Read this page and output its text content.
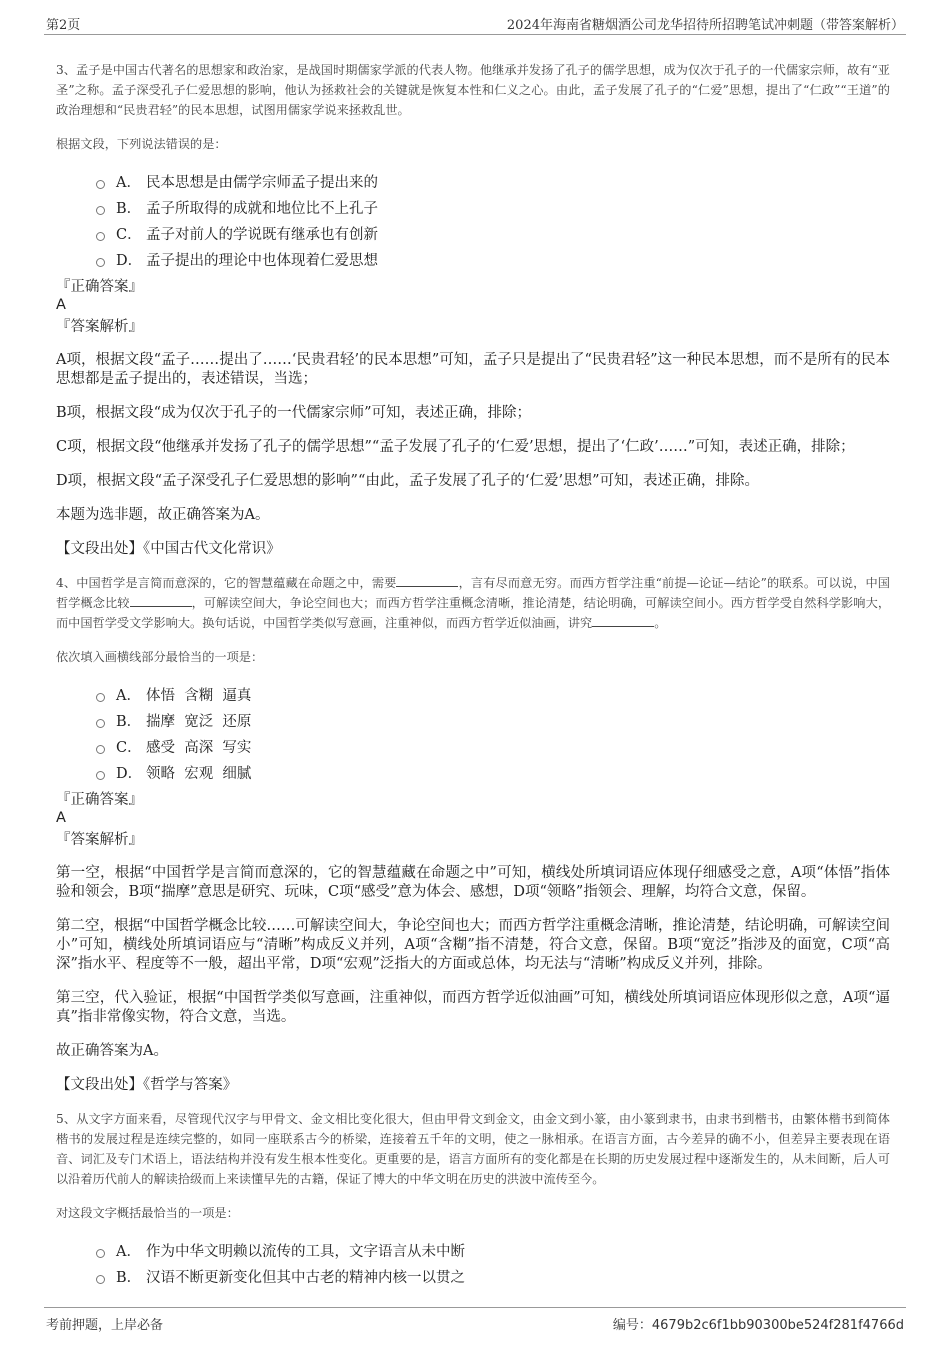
第2页	2024年海南省糖烟酒公司龙华招待所招聘笔试冲刺题（带答案解析）

3、孟子是中国古代著名的思想家和政治家，是战国时期儒家学派的代表人物。他继承并发扬了孔子的儒学思想，成为仅次于孔子的一代儒家宗师，故有“亚圣”之称。孟子深受孔子仁爱思想的影响，他认为拯救社会的关键就是恢复本性和仁义之心。由此，孟子发展了孔子的“仁爱”思想，提出了“仁政”“王道”的政治理想和“民贵君轻”的民本思想，试图用儒家学说来拯救乱世。

根据文段，下列说法错误的是：

A． 民本思想是由儒学宗师孟子提出来的
B． 孟子所取得的成就和地位比不上孔子
C． 孟子对前人的学说既有继承也有创新
D． 孟子提出的理论中也体现着仁爱思想
『正确答案』
A
『答案解析』

A项，根据文段“孟子……提出了……‘民贵君轻’的民本思想”可知，孟子只是提出了“民贵君轻”这一种民本思想，而不是所有的民本思想都是孟子提出的，表述错误，当选；

B项，根据文段“成为仅次于孔子的一代儒家宗师”可知，表述正确，排除；

C项，根据文段“他继承并发扬了孔子的儒学思想”“孟子发展了孔子的‘仁爱’思想，提出了‘仁政’……”可知，表述正确，排除；

D项，根据文段“孟子深受孔子仁爱思想的影响”“由此，孟子发展了孔子的‘仁爱’思想”可知，表述正确，排除。

本题为选非题，故正确答案为A。

【文段出处】《中国古代文化常识》

4、中国哲学是言简而意深的，它的智慧蕴藏在命题之中，需要	，言有尽而意无穷。而西方哲学注重“前提—论证—结论”的联系。可以说，中国哲学概念比较	，可解读空间大，争论空间也大；而西方哲学注重概念清晰，推论清楚，结论明确，可解读空间小。西方哲学受自然科学影响大，而中国哲学受文学影响大。换句话说，中国哲学类似写意画，注重神似，而西方哲学近似油画，讲究	。

依次填入画横线部分最恰当的一项是：

A． 体悟  含糊  逼真
B． 揣摩  宽泛  还原
C． 感受  高深  写实
D． 领略  宏观  细腻
『正确答案』
A
『答案解析』

第一空，根据“中国哲学是言简而意深的，它的智慧蕴藏在命题之中”可知，横线处所填词语应体现仔细感受之意，A项“体悟”指体验和领会，B项“揣摩”意思是研究、玩味，C项“感受”意为体会、感想，D项“领略”指领会、理解，均符合文意，保留。

第二空，根据“中国哲学概念比较……可解读空间大，争论空间也大；而西方哲学注重概念清晰，推论清楚，结论明确，可解读空间小”可知，横线处所填词语应与“清晰”构成反义并列，A项“含糊”指不清楚，符合文意，保留。B项“宽泛”指涉及的面宽，C项“高深”指水平、程度等不一般，超出平常，D项“宏观”泛指大的方面或总体，均无法与“清晰”构成反义并列，排除。

第三空，代入验证，根据“中国哲学类似写意画，注重神似，而西方哲学近似油画”可知，横线处所填词语应体现形似之意，A项“逼真”指非常像实物，符合文意，当选。

故正确答案为A。

【文段出处】《哲学与答案》

5、从文字方面来看，尽管现代汉字与甲骨文、金文相比变化很大，但由甲骨文到金文，由金文到小篆，由小篆到隶书，由隶书到楷书，由繁体楷书到简体楷书的发展过程是连续完整的，如同一座联系古今的桥梁，连接着五千年的文明，使之一脉相承。在语言方面，古今差异的确不小，但差异主要表现在语音、词汇及专门术语上，语法结构并没有发生根本性变化。更重要的是，语言方面所有的变化都是在长期的历史发展过程中逐渐发生的，从未间断，后人可以沿着历代前人的解读拾级而上来读懂早先的古籍，保证了博大的中华文明在历史的洪波中流传至今。

对这段文字概括最恰当的一项是：

A． 作为中华文明赖以流传的工具，文字语言从未中断
B． 汉语不断更新变化但其中古老的精神内核一以贯之
考前押题，上岸必备	编号：4679b2c6f1bb90300be524f281f4766d
